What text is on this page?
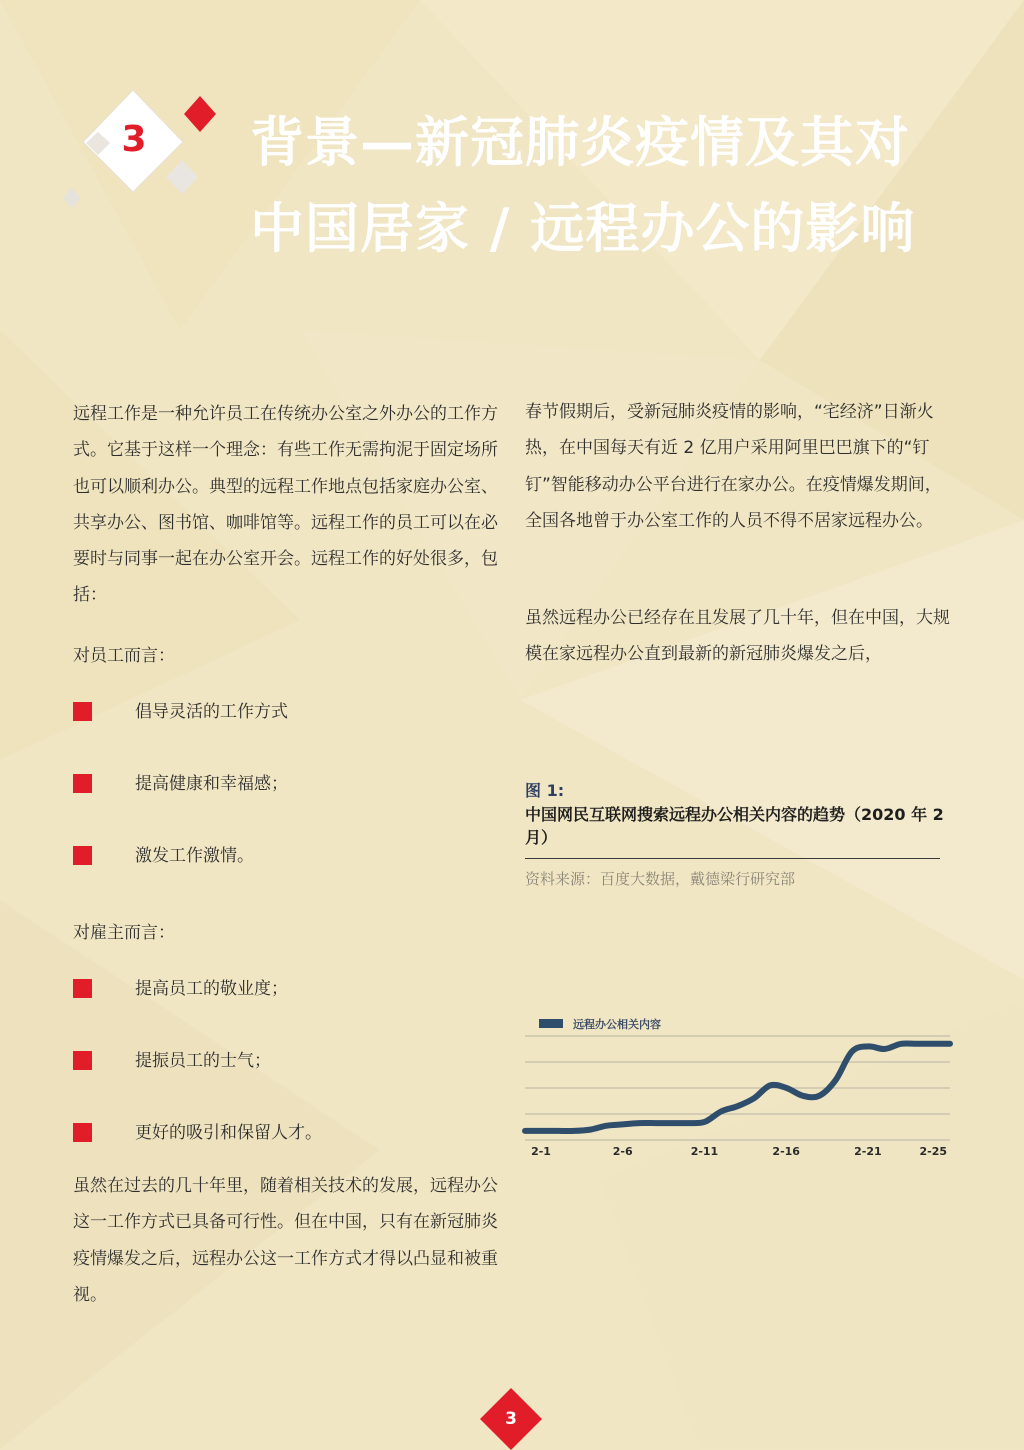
3 背景—新冠肺炎疫情及其对中国居家 / 远程办公的影响

远程工作是一种允许员工在传统办公室之外办公的工作方式。它基于这样一个理念：有些工作无需拘泥于固定场所也可以顺利办公。典型的远程工作地点包括家庭办公室、共享办公、图书馆、咖啡馆等。远程工作的员工可以在必要时与同事一起在办公室开会。远程工作的好处很多，包括：

对员工而言：

倡导灵活的工作方式
提高健康和幸福感；
激发工作激情。

对雇主而言：

提高员工的敬业度；
提振员工的士气；
更好的吸引和保留人才。

虽然在过去的几十年里，随着相关技术的发展，远程办公这一工作方式已具备可行性。但在中国，只有在新冠肺炎疫情爆发之后，远程办公这一工作方式才得以凸显和被重视。

春节假期后，受新冠肺炎疫情的影响，“宅经济”日渐火热，在中国每天有近 2 亿用户采用阿里巴巴旗下的“钉钉”智能移动办公平台进行在家办公。在疫情爆发期间，全国各地曾于办公室工作的人员不得不居家远程办公。

虽然远程办公已经存在且发展了几十年，但在中国，大规模在家远程办公直到最新的新冠肺炎爆发之后，

图 1:
中国网民互联网搜索远程办公相关内容的趋势（2020 年 2 月）
资料来源：百度大数据，戴德梁行研究部
2-1	2-6	2-11	2-16	2-21	2-25
远程办公相关内容
3
